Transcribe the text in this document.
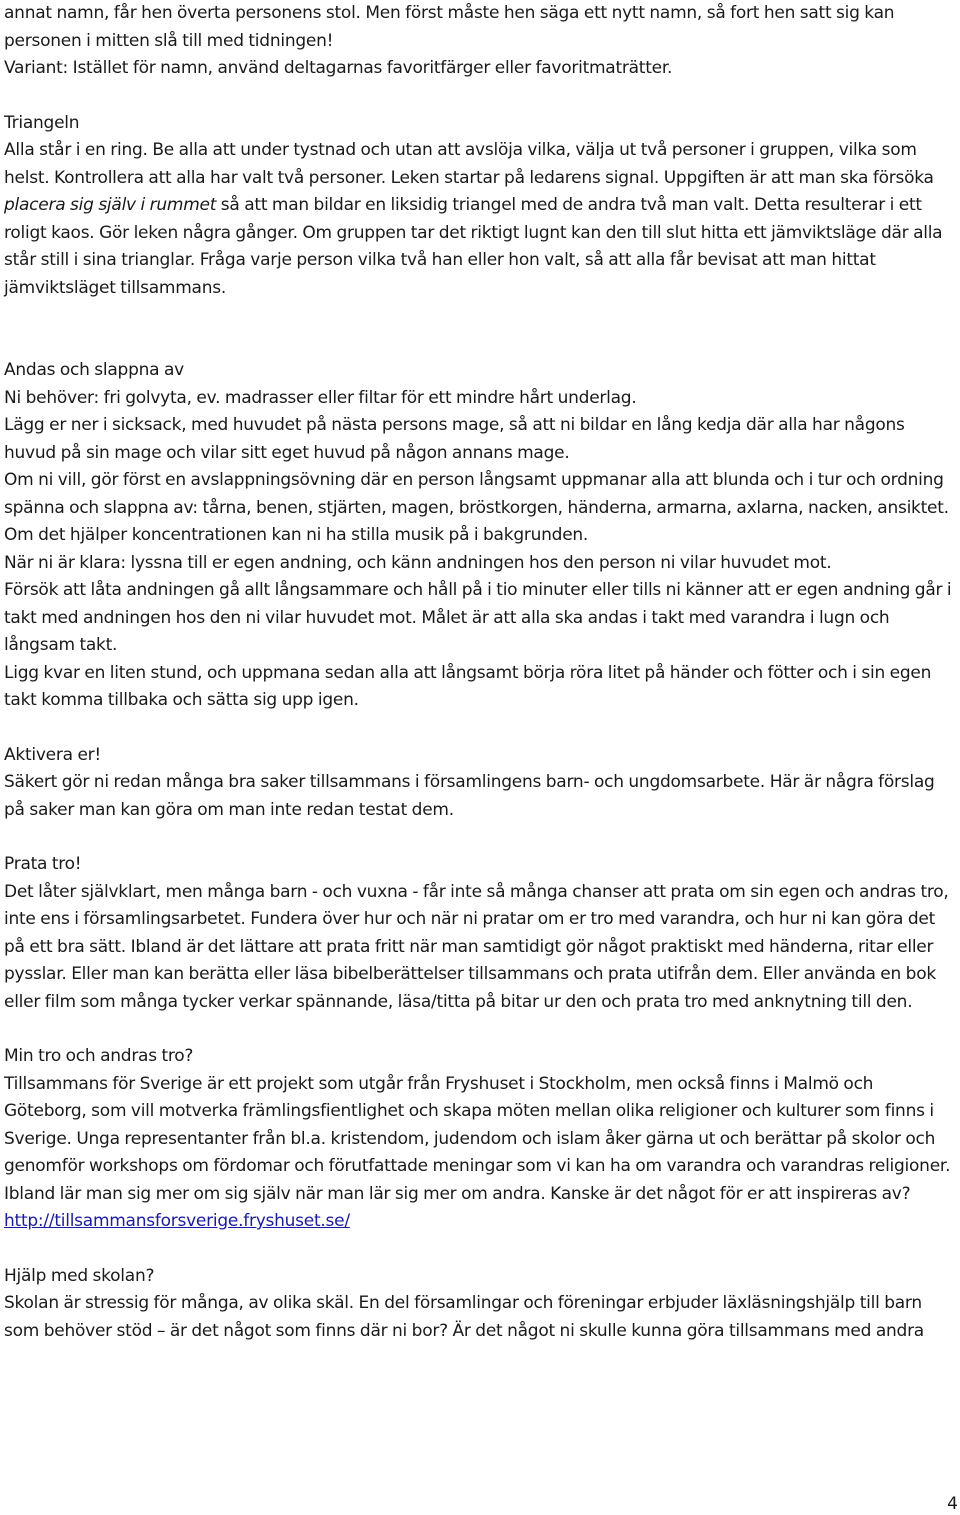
annat namn, får hen överta personens stol. Men först måste hen säga ett nytt namn, så fort hen satt sig kan personen i mitten slå till med tidningen!

Variant: Istället för namn, använd deltagarnas favoritfärger eller favoritmaträtter.

Triangeln

Alla står i en ring. Be alla att under tystnad och utan att avslöja vilka, välja ut två personer i gruppen, vilka som helst. Kontrollera att alla har valt två personer. Leken startar på ledarens signal. Uppgiften är att man ska försöka placera sig själv i rummet så att man bildar en liksidig triangel med de andra två man valt. Detta resulterar i ett roligt kaos. Gör leken några gånger. Om gruppen tar det riktigt lugnt kan den till slut hitta ett jämviktsläge där alla står still i sina trianglar. Fråga varje person vilka två han eller hon valt, så att alla får bevisat att man hittat jämviktsläget tillsammans.

Andas och slappna av

Ni behöver: fri golvyta, ev. madrasser eller filtar för ett mindre hårt underlag.

Lägg er ner i sicksack, med huvudet på nästa persons mage, så att ni bildar en lång kedja där alla har någons huvud på sin mage och vilar sitt eget huvud på någon annans mage.

Om ni vill, gör först en avslappningsövning där en person långsamt uppmanar alla att blunda och i tur och ordning spänna och slappna av: tårna, benen, stjärten, magen, bröstkorgen, händerna, armarna, axlarna, nacken, ansiktet. Om det hjälper koncentrationen kan ni ha stilla musik på i bakgrunden.

När ni är klara: lyssna till er egen andning, och känn andningen hos den person ni vilar huvudet mot.

Försök att låta andningen gå allt långsammare och håll på i tio minuter eller tills ni känner att er egen andning går i takt med andningen hos den ni vilar huvudet mot. Målet är att alla ska andas i takt med varandra i lugn och långsam takt.

Ligg kvar en liten stund, och uppmana sedan alla att långsamt börja röra litet på händer och fötter och i sin egen takt komma tillbaka och sätta sig upp igen.

Aktivera er!

Säkert gör ni redan många bra saker tillsammans i församlingens barn- och ungdomsarbete. Här är några förslag på saker man kan göra om man inte redan testat dem.

Prata tro!

Det låter självklart, men många barn - och vuxna - får inte så många chanser att prata om sin egen och andras tro, inte ens i församlingsarbetet. Fundera över hur och när ni pratar om er tro med varandra, och hur ni kan göra det på ett bra sätt. Ibland är det lättare att prata fritt när man samtidigt gör något praktiskt med händerna, ritar eller pysslar. Eller man kan berätta eller läsa bibelberättelser tillsammans och prata utifrån dem. Eller använda en bok eller film som många tycker verkar spännande, läsa/titta på bitar ur den och prata tro med anknytning till den.

Min tro och andras tro?

Tillsammans för Sverige är ett projekt som utgår från Fryshuset i Stockholm, men också finns i Malmö och Göteborg, som vill motverka främlingsfientlighet och skapa möten mellan olika religioner och kulturer som finns i Sverige. Unga representanter från bl.a. kristendom, judendom och islam åker gärna ut och berättar på skolor och genomför workshops om fördomar och förutfattade meningar som vi kan ha om varandra och varandras religioner. Ibland lär man sig mer om sig själv när man lär sig mer om andra. Kanske är det något för er att inspireras av? http://tillsammansforsverige.fryshuset.se/

Hjälp med skolan?

Skolan är stressig för många, av olika skäl. En del församlingar och föreningar erbjuder läxläsningshjälp till barn som behöver stöd – är det något som finns där ni bor? Är det något ni skulle kunna göra tillsammans med andra

4
